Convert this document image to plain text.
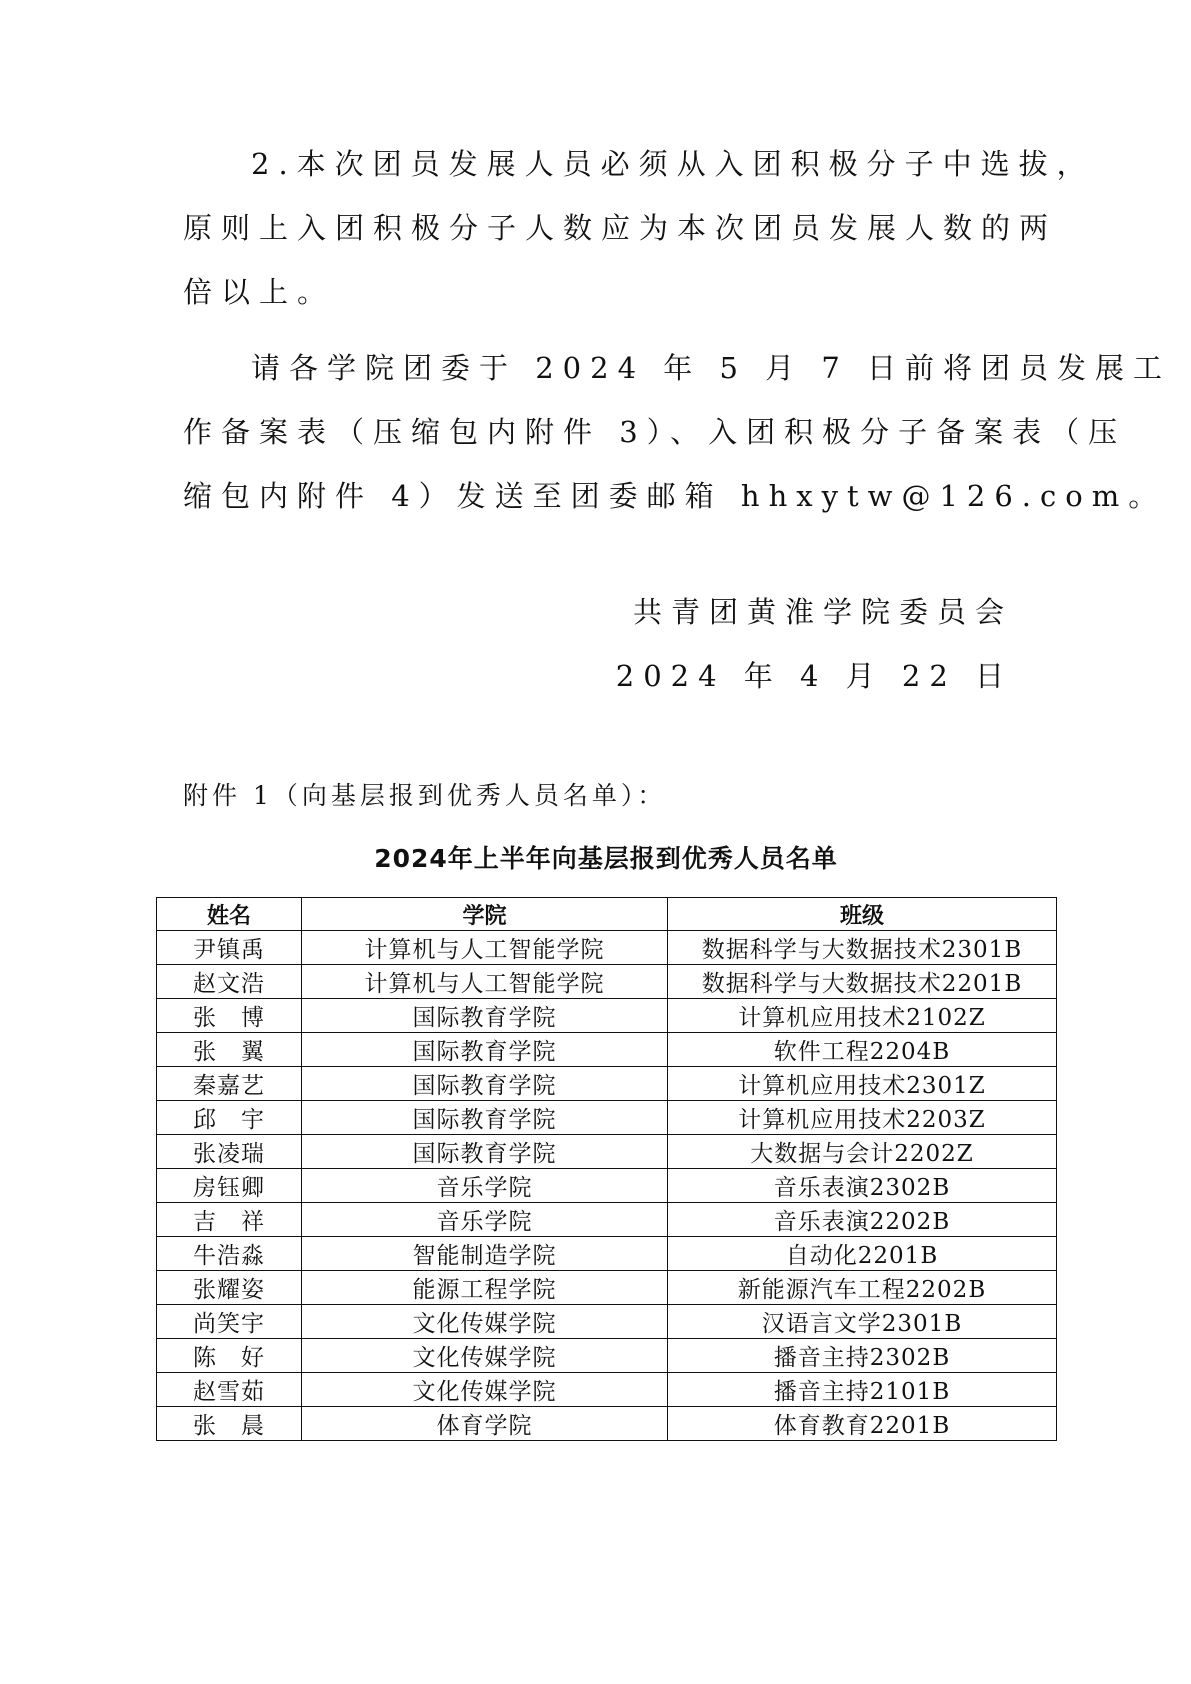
2.本次团员发展人员必须从入团积极分子中选拔，
原则上入团积极分子人数应为本次团员发展人数的两
倍以上。

请各学院团委于 2024 年 5 月 7 日前将团员发展工
作备案表（压缩包内附件 3）、入团积极分子备案表（压
缩包内附件 4）发送至团委邮箱 hhxytw@126.com。

共青团黄淮学院委员会
2024 年 4 月 22 日
附件 1（向基层报到优秀人员名单）：
2024年上半年向基层报到优秀人员名单
姓名	学院	班级
尹镇禹	计算机与人工智能学院	数据科学与大数据技术2301B
赵文浩	计算机与人工智能学院	数据科学与大数据技术2201B
张　博	国际教育学院	计算机应用技术2102Z
张　翼	国际教育学院	软件工程2204B
秦嘉艺	国际教育学院	计算机应用技术2301Z
邱　宇	国际教育学院	计算机应用技术2203Z
张凌瑞	国际教育学院	大数据与会计2202Z
房钰卿	音乐学院	音乐表演2302B
吉　祥	音乐学院	音乐表演2202B
牛浩淼	智能制造学院	自动化2201B
张耀姿	能源工程学院	新能源汽车工程2202B
尚笑宇	文化传媒学院	汉语言文学2301B
陈　好	文化传媒学院	播音主持2302B
赵雪茹	文化传媒学院	播音主持2101B
张　晨	体育学院	体育教育2201B
